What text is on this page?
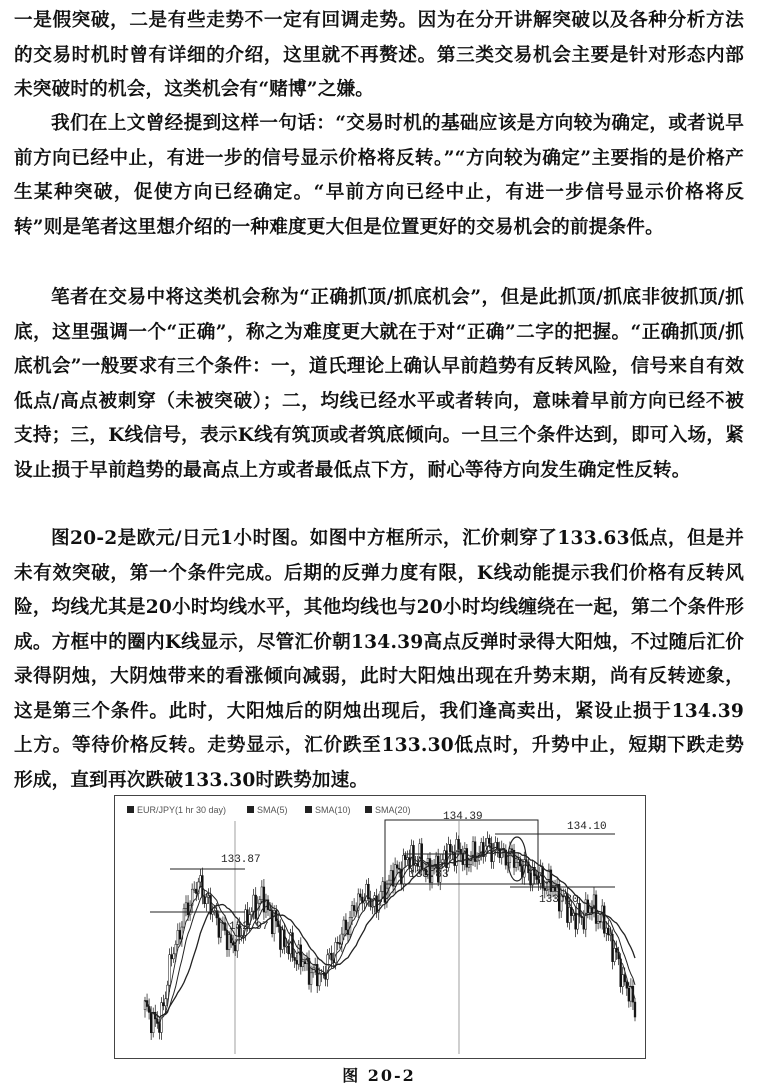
一是假突破，二是有些走势不一定有回调走势。因为在分开讲解突破以及各种分析方法的交易时机时曾有详细的介绍，这里就不再赘述。第三类交易机会主要是针对形态内部未突破时的机会，这类机会有“赌博”之嫌。

我们在上文曾经提到这样一句话：“交易时机的基础应该是方向较为确定，或者说早前方向已经中止，有进一步的信号显示价格将反转。”“方向较为确定”主要指的是价格产生某种突破，促使方向已经确定。“早前方向已经中止，有进一步信号显示价格将反转”则是笔者这里想介绍的一种难度更大但是位置更好的交易机会的前提条件。

笔者在交易中将这类机会称为“正确抓顶/抓底机会”，但是此抓顶/抓底非彼抓顶/抓底，这里强调一个“正确”，称之为难度更大就在于对“正确”二字的把握。“正确抓顶/抓底机会”一般要求有三个条件：一，道氏理论上确认早前趋势有反转风险，信号来自有效低点/高点被刺穿（未被突破）；二，均线已经水平或者转向，意味着早前方向已经不被支持；三，K线信号，表示K线有筑顶或者筑底倾向。一旦三个条件达到，即可入场，紧设止损于早前趋势的最高点上方或者最低点下方，耐心等待方向发生确定性反转。

图20-2是欧元/日元1小时图。如图中方框所示，汇价刺穿了133.63低点，但是并未有效突破，第一个条件完成。后期的反弹力度有限，K线动能提示我们价格有反转风险，均线尤其是20小时均线水平，其他均线也与20小时均线缠绕在一起，第二个条件形成。方框中的圈内K线显示，尽管汇价朝134.39高点反弹时录得大阳烛，不过随后汇价录得阴烛，大阴烛带来的看涨倾向减弱，此时大阳烛出现在升势末期，尚有反转迹象，这是第三个条件。此时，大阳烛后的阴烛出现后，我们逢高卖出，紧设止损于134.39上方。等待价格反转。走势显示，汇价跌至133.30低点时，升势中止，短期下跌走势形成，直到再次跌破133.30时跌势加速。

EUR/JPY(1 hr 30 day)	SMA(5)	SMA(10)	SMA(20)
133.87
132.97
134.39
133.83
134.10
133.30
图 20-2
